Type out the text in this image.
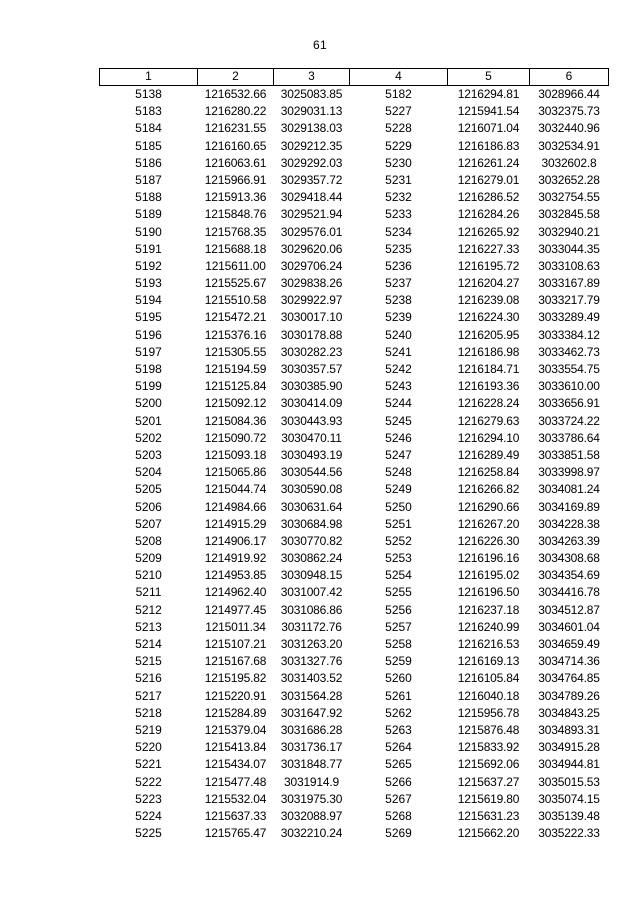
61
1	2	3	4	5	6
5138	1216532.66	3025083.85	5182	1216294.81	3028966.44
5183	1216280.22	3029031.13	5227	1215941.54	3032375.73
5184	1216231.55	3029138.03	5228	1216071.04	3032440.96
5185	1216160.65	3029212.35	5229	1216186.83	3032534.91
5186	1216063.61	3029292.03	5230	1216261.24	3032602.8
5187	1215966.91	3029357.72	5231	1216279.01	3032652.28
5188	1215913.36	3029418.44	5232	1216286.52	3032754.55
5189	1215848.76	3029521.94	5233	1216284.26	3032845.58
5190	1215768.35	3029576.01	5234	1216265.92	3032940.21
5191	1215688.18	3029620.06	5235	1216227.33	3033044.35
5192	1215611.00	3029706.24	5236	1216195.72	3033108.63
5193	1215525.67	3029838.26	5237	1216204.27	3033167.89
5194	1215510.58	3029922.97	5238	1216239.08	3033217.79
5195	1215472.21	3030017.10	5239	1216224.30	3033289.49
5196	1215376.16	3030178.88	5240	1216205.95	3033384.12
5197	1215305.55	3030282.23	5241	1216186.98	3033462.73
5198	1215194.59	3030357.57	5242	1216184.71	3033554.75
5199	1215125.84	3030385.90	5243	1216193.36	3033610.00
5200	1215092.12	3030414.09	5244	1216228.24	3033656.91
5201	1215084.36	3030443.93	5245	1216279.63	3033724.22
5202	1215090.72	3030470.11	5246	1216294.10	3033786.64
5203	1215093.18	3030493.19	5247	1216289.49	3033851.58
5204	1215065.86	3030544.56	5248	1216258.84	3033998.97
5205	1215044.74	3030590.08	5249	1216266.82	3034081.24
5206	1214984.66	3030631.64	5250	1216290.66	3034169.89
5207	1214915.29	3030684.98	5251	1216267.20	3034228.38
5208	1214906.17	3030770.82	5252	1216226.30	3034263.39
5209	1214919.92	3030862.24	5253	1216196.16	3034308.68
5210	1214953.85	3030948.15	5254	1216195.02	3034354.69
5211	1214962.40	3031007.42	5255	1216196.50	3034416.78
5212	1214977.45	3031086.86	5256	1216237.18	3034512.87
5213	1215011.34	3031172.76	5257	1216240.99	3034601.04
5214	1215107.21	3031263.20	5258	1216216.53	3034659.49
5215	1215167.68	3031327.76	5259	1216169.13	3034714.36
5216	1215195.82	3031403.52	5260	1216105.84	3034764.85
5217	1215220.91	3031564.28	5261	1216040.18	3034789.26
5218	1215284.89	3031647.92	5262	1215956.78	3034843.25
5219	1215379.04	3031686.28	5263	1215876.48	3034893.31
5220	1215413.84	3031736.17	5264	1215833.92	3034915.28
5221	1215434.07	3031848.77	5265	1215692.06	3034944.81
5222	1215477.48	3031914.9	5266	1215637.27	3035015.53
5223	1215532.04	3031975.30	5267	1215619.80	3035074.15
5224	1215637.33	3032088.97	5268	1215631.23	3035139.48
5225	1215765.47	3032210.24	5269	1215662.20	3035222.33
